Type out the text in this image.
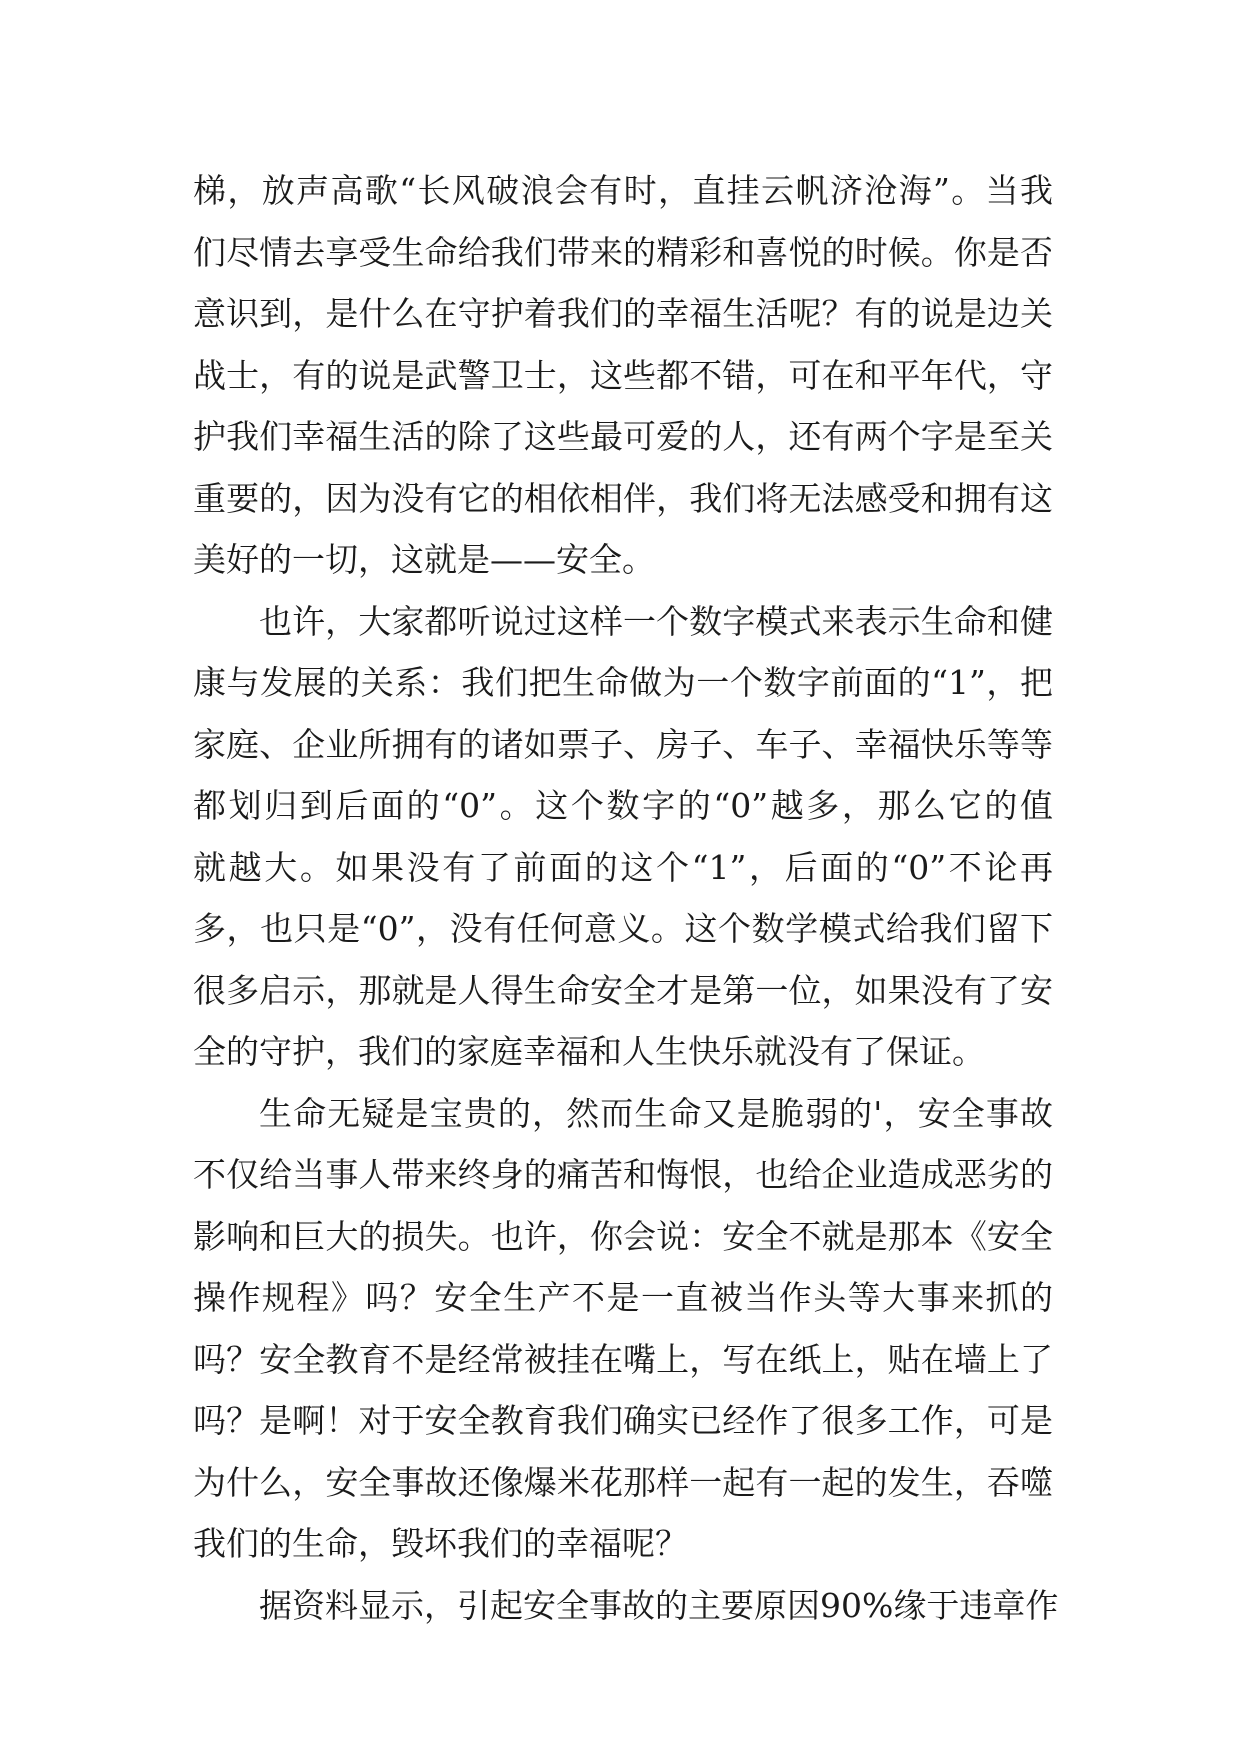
梯，放声高歌“长风破浪会有时，直挂云帆济沧海”。当我
们尽情去享受生命给我们带来的精彩和喜悦的时候。你是否
意识到，是什么在守护着我们的幸福生活呢？有的说是边关
战士，有的说是武警卫士，这些都不错，可在和平年代，守
护我们幸福生活的除了这些最可爱的人，还有两个字是至关
重要的，因为没有它的相依相伴，我们将无法感受和拥有这
美好的一切，这就是——安全。
也许，大家都听说过这样一个数字模式来表示生命和健
康与发展的关系：我们把生命做为一个数字前面的“1”，把
家庭、企业所拥有的诸如票子、房子、车子、幸福快乐等等
都划归到后面的“0”。这个数字的“0”越多，那么它的值
就越大。如果没有了前面的这个“1”，后面的“0”不论再
多，也只是“0”，没有任何意义。这个数学模式给我们留下
很多启示，那就是人得生命安全才是第一位，如果没有了安
全的守护，我们的家庭幸福和人生快乐就没有了保证。
生命无疑是宝贵的，然而生命又是脆弱的'，安全事故
不仅给当事人带来终身的痛苦和悔恨，也给企业造成恶劣的
影响和巨大的损失。也许，你会说：安全不就是那本《安全
操作规程》吗？安全生产不是一直被当作头等大事来抓的
吗？安全教育不是经常被挂在嘴上，写在纸上，贴在墙上了
吗？是啊！对于安全教育我们确实已经作了很多工作，可是
为什么，安全事故还像爆米花那样一起有一起的发生，吞噬
我们的生命，毁坏我们的幸福呢？
据资料显示，引起安全事故的主要原因90%缘于违章作
